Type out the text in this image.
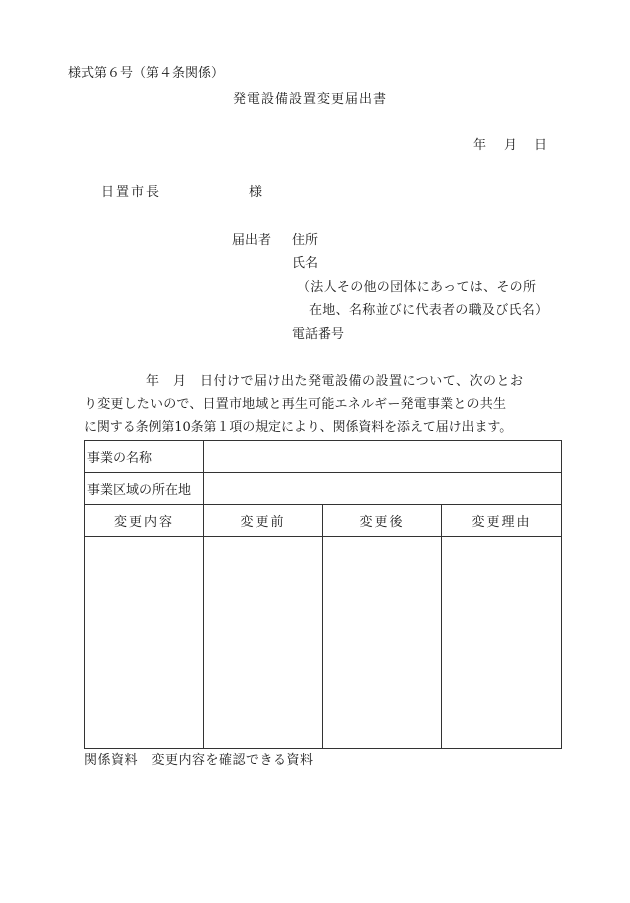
様式第６号（第４条関係）
発電設備設置変更届出書
年 月 日
日置市長	様
届出者 住所
氏名
（法人その他の団体にあっては、その所
在地、名称並びに代表者の職及び氏名）
電話番号
年　月　日付けで届け出た発電設備の設置について、次のとお
り変更したいので、日置市地域と再生可能エネルギー発電事業との共生
に関する条例第10条第１項の規定により、関係資料を添えて届け出ます。
事業の名称			
事業区域の所在地			
変更内容	変更前	変更後	変更理由

関係資料　変更内容を確認できる資料
